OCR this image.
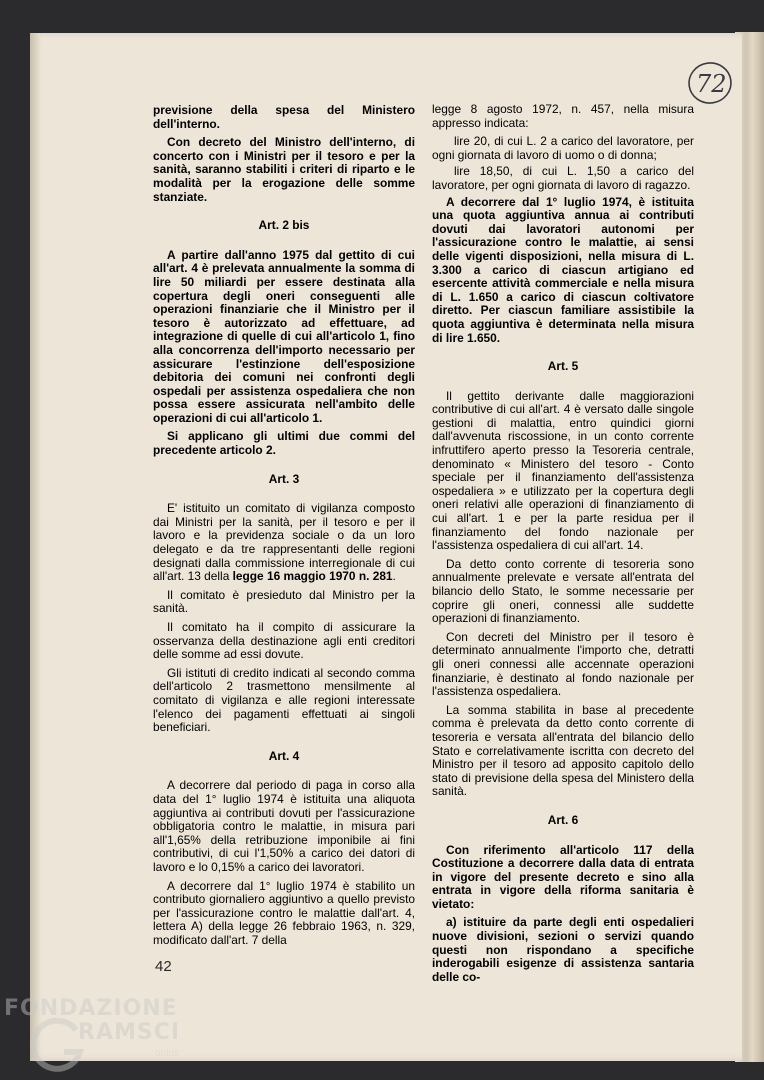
72

previsione della spesa del Ministero dell'interno.

Con decreto del Ministro dell'interno, di concerto con i Ministri per il tesoro e per la sanità, saranno stabiliti i criteri di riparto e le modalità per la erogazione delle somme stanziate.

Art. 2 bis

A partire dall'anno 1975 dal gettito di cui all'art. 4 è prelevata annualmente la somma di lire 50 miliardi per essere destinata alla copertura degli oneri conseguenti alle operazioni finanziarie che il Ministro per il tesoro è autorizzato ad effettuare, ad integrazione di quelle di cui all'articolo 1, fino alla concorrenza dell'importo necessario per assicurare l'estinzione dell'esposizione debitoria dei comuni nei confronti degli ospedali per assistenza ospedaliera che non possa essere assicurata nell'ambito delle operazioni di cui all'articolo 1.

Si applicano gli ultimi due commi del precedente articolo 2.

Art. 3

E' istituito un comitato di vigilanza composto dai Ministri per la sanità, per il tesoro e per il lavoro e la previdenza sociale o da un loro delegato e da tre rappresentanti delle regioni designati dalla commissione interregionale di cui all'art. 13 della legge 16 maggio 1970 n. 281.

Il comitato è presieduto dal Ministro per la sanità.

Il comitato ha il compito di assicurare la osservanza della destinazione agli enti creditori delle somme ad essi dovute.

Gli istituti di credito indicati al secondo comma dell'articolo 2 trasmettono mensilmente al comitato di vigilanza e alle regioni interessate l'elenco dei pagamenti effettuati ai singoli beneficiari.

Art. 4

A decorrere dal periodo di paga in corso alla data del 1° luglio 1974 è istituita una aliquota aggiuntiva ai contributi dovuti per l'assicurazione obbligatoria contro le malattie, in misura pari all'1,65% della retribuzione imponibile ai fini contributivi, di cui l'1,50% a carico dei datori di lavoro e lo 0,15% a carico dei lavoratori.

A decorrere dal 1° luglio 1974 è stabilito un contributo giornaliero aggiuntivo a quello previsto per l'assicurazione contro le malattie dall'art. 4, lettera A) della legge 26 febbraio 1963, n. 329, modificato dall'art. 7 della

legge 8 agosto 1972, n. 457, nella misura appresso indicata:

lire 20, di cui L. 2 a carico del lavoratore, per ogni giornata di lavoro di uomo o di donna;

lire 18,50, di cui L. 1,50 a carico del lavoratore, per ogni giornata di lavoro di ragazzo.

A decorrere dal 1° luglio 1974, è istituita una quota aggiuntiva annua ai contributi dovuti dai lavoratori autonomi per l'assicurazione contro le malattie, ai sensi delle vigenti disposizioni, nella misura di L. 3.300 a carico di ciascun artigiano ed esercente attività commerciale e nella misura di L. 1.650 a carico di ciascun coltivatore diretto. Per ciascun familiare assistibile la quota aggiuntiva è determinata nella misura di lire 1.650.

Art. 5

Il gettito derivante dalle maggiorazioni contributive di cui all'art. 4 è versato dalle singole gestioni di malattia, entro quindici giorni dall'avvenuta riscossione, in un conto corrente infruttifero aperto presso la Tesoreria centrale, denominato « Ministero del tesoro - Conto speciale per il finanziamento dell'assistenza ospedaliera » e utilizzato per la copertura degli oneri relativi alle operazioni di finanziamento di cui all'art. 1 e per la parte residua per il finanziamento del fondo nazionale per l'assistenza ospedaliera di cui all'art. 14.

Da detto conto corrente di tesoreria sono annualmente prelevate e versate all'entrata del bilancio dello Stato, le somme necessarie per coprire gli oneri, connessi alle suddette operazioni di finanziamento.

Con decreti del Ministro per il tesoro è determinato annualmente l'importo che, detratti gli oneri connessi alle accennate operazioni finanziarie, è destinato al fondo nazionale per l'assistenza ospedaliera.

La somma stabilita in base al precedente comma è prelevata da detto conto corrente di tesoreria e versata all'entrata del bilancio dello Stato e correlativamente iscritta con decreto del Ministro per il tesoro ad apposito capitolo dello stato di previsione della spesa del Ministero della sanità.

Art. 6

Con riferimento all'articolo 117 della Costituzione a decorrere dalla data di entrata in vigore del presente decreto e sino alla entrata in vigore della riforma sanitaria è vietato:

a) istituire da parte degli enti ospedalieri nuove divisioni, sezioni o servizi quando questi non rispondano a specifiche inderogabili esigenze di assistenza santaria delle co-

42
FONDAZIONE
RAMSCI
onlus
